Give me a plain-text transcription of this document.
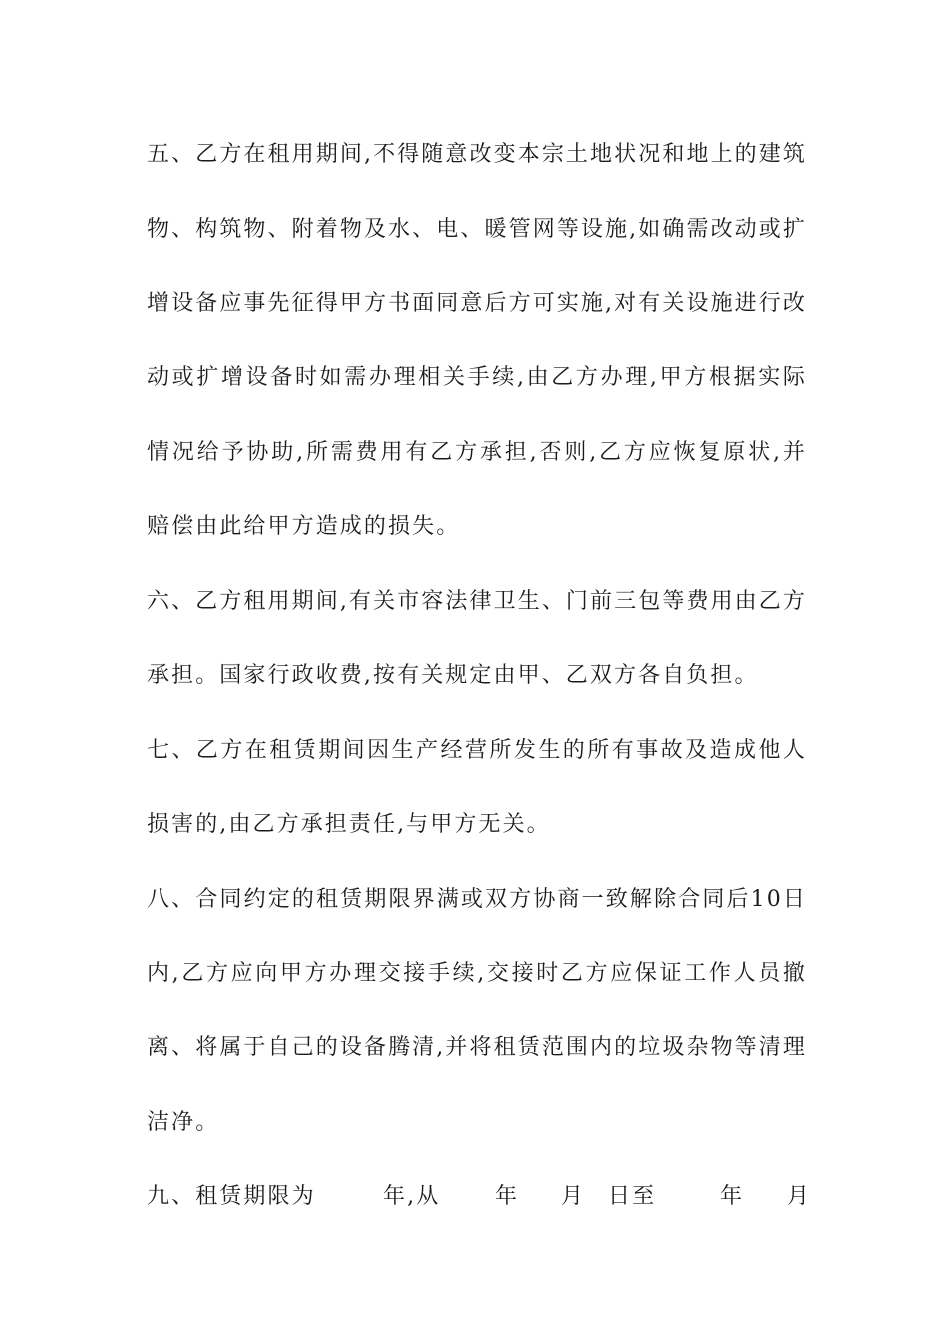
五、乙方在租用期间,不得随意改变本宗土地状况和地上的建筑
物、构筑物、附着物及水、电、暖管网等设施,如确需改动或扩
增设备应事先征得甲方书面同意后方可实施,对有关设施进行改
动或扩增设备时如需办理相关手续,由乙方办理,甲方根据实际
情况给予协助,所需费用有乙方承担,否则,乙方应恢复原状,并
赔偿由此给甲方造成的损失。
六、乙方租用期间,有关市容法律卫生、门前三包等费用由乙方
承担。国家行政收费,按有关规定由甲、乙双方各自负担。
七、乙方在租赁期间因生产经营所发生的所有事故及造成他人
损害的,由乙方承担责任,与甲方无关。
八、合同约定的租赁期限界满或双方协商一致解除合同后10日
内,乙方应向甲方办理交接手续,交接时乙方应保证工作人员撤
离、将属于自己的设备腾清,并将租赁范围内的垃圾杂物等清理
洁净。
九、租赁期限为	年,从 年 月 日至	年 月
